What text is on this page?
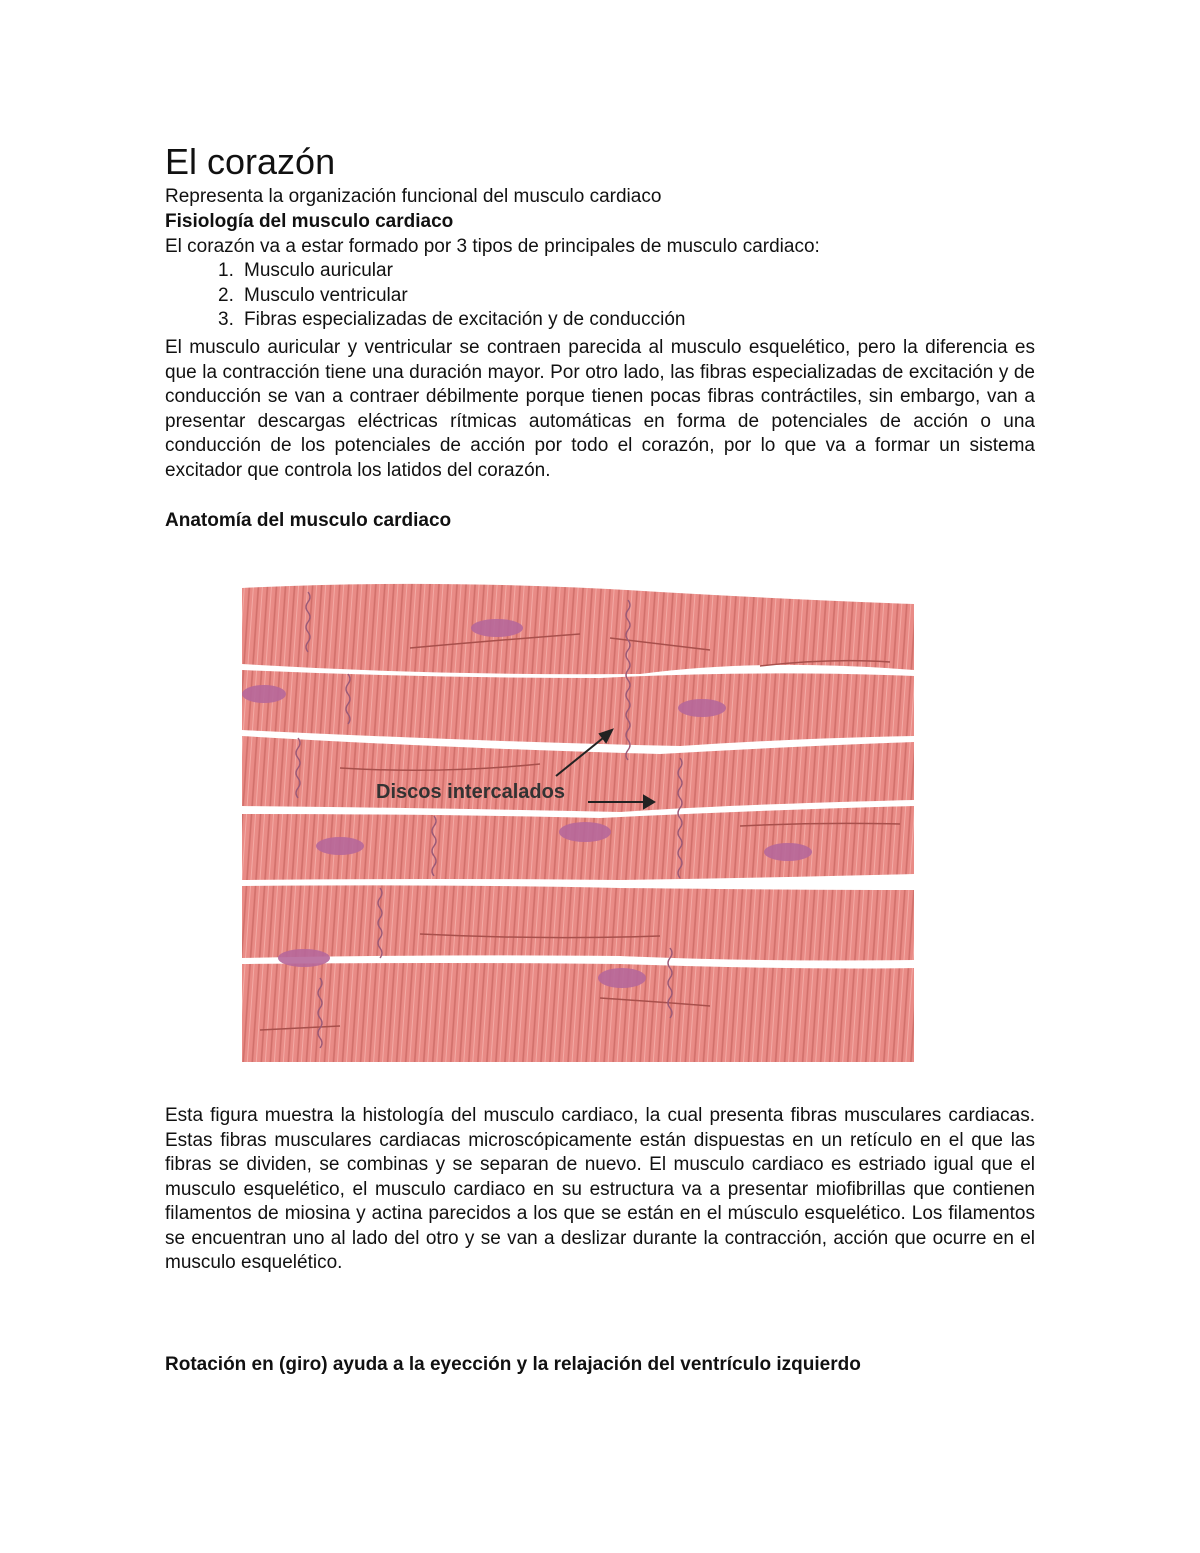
El corazón
Representa la organización funcional del musculo cardiaco
Fisiología del musculo cardiaco
El corazón va a estar formado por 3 tipos de principales de musculo cardiaco:
1. Musculo auricular
2. Musculo ventricular
3. Fibras especializadas de excitación y de conducción
El musculo auricular y ventricular se contraen parecida al musculo esquelético, pero la diferencia es que la contracción tiene una duración mayor. Por otro lado, las fibras especializadas de excitación y de conducción se van a contraer débilmente porque tienen pocas fibras contráctiles, sin embargo, van a presentar descargas eléctricas rítmicas automáticas en forma de potenciales de acción o una conducción de los potenciales de acción por todo el corazón, por lo que va a formar un sistema excitador que controla los latidos del corazón.
Anatomía del musculo cardiaco
Discos intercalados
Esta figura muestra la histología del musculo cardiaco, la cual presenta fibras musculares cardiacas. Estas fibras musculares cardiacas microscópicamente están dispuestas en un retículo en el que las fibras se dividen, se combinas y se separan de nuevo. El musculo cardiaco es estriado igual que el musculo esquelético, el musculo cardiaco en su estructura va a presentar miofibrillas que contienen filamentos de miosina y actina parecidos a los que se están en el músculo esquelético. Los filamentos se encuentran uno al lado del otro y se van a deslizar durante la contracción, acción que ocurre en el musculo esquelético.
Rotación en (giro) ayuda a la eyección y la relajación del ventrículo izquierdo
